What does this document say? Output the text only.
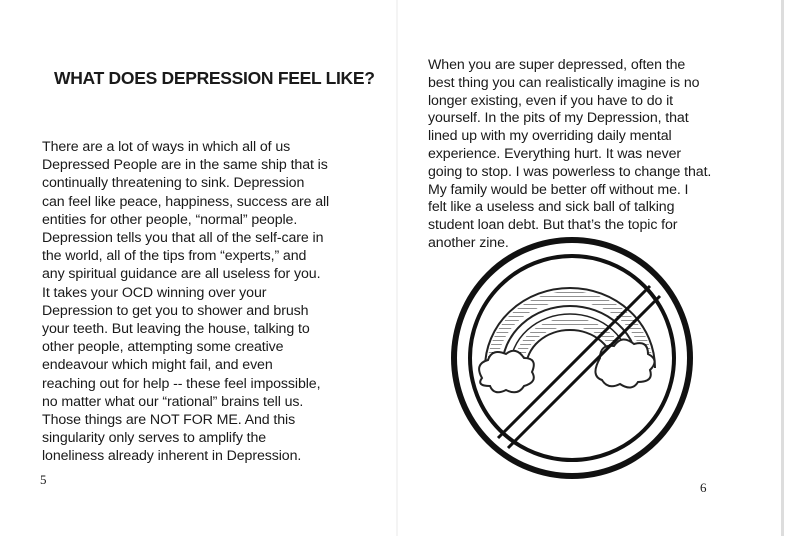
WHAT DOES DEPRESSION FEEL LIKE?
There are a lot of ways in which all of us
Depressed People are in the same ship that is
continually threatening to sink. Depression
can feel like peace, happiness, success are all
entities for other people, “normal” people.
Depression tells you that all of the self-care in
the world, all of the tips from “experts,” and
any spiritual guidance are all useless for you.
It takes your OCD winning over your
Depression to get you to shower and brush
your teeth. But leaving the house, talking to
other people, attempting some creative
endeavour which might fail, and even
reaching out for help -- these feel impossible,
no matter what our “rational” brains tell us.
Those things are NOT FOR ME. And this
singularity only serves to amplify the
loneliness already inherent in Depression.
5
When you are super depressed, often the
best thing you can realistically imagine is no
longer existing, even if you have to do it
yourself. In the pits of my Depression, that
lined up with my overriding daily mental
experience. Everything hurt. It was never
going to stop. I was powerless to change that.
My family would be better off without me. I
felt like a useless and sick ball of talking
student loan debt. But that’s the topic for
another zine.
6
